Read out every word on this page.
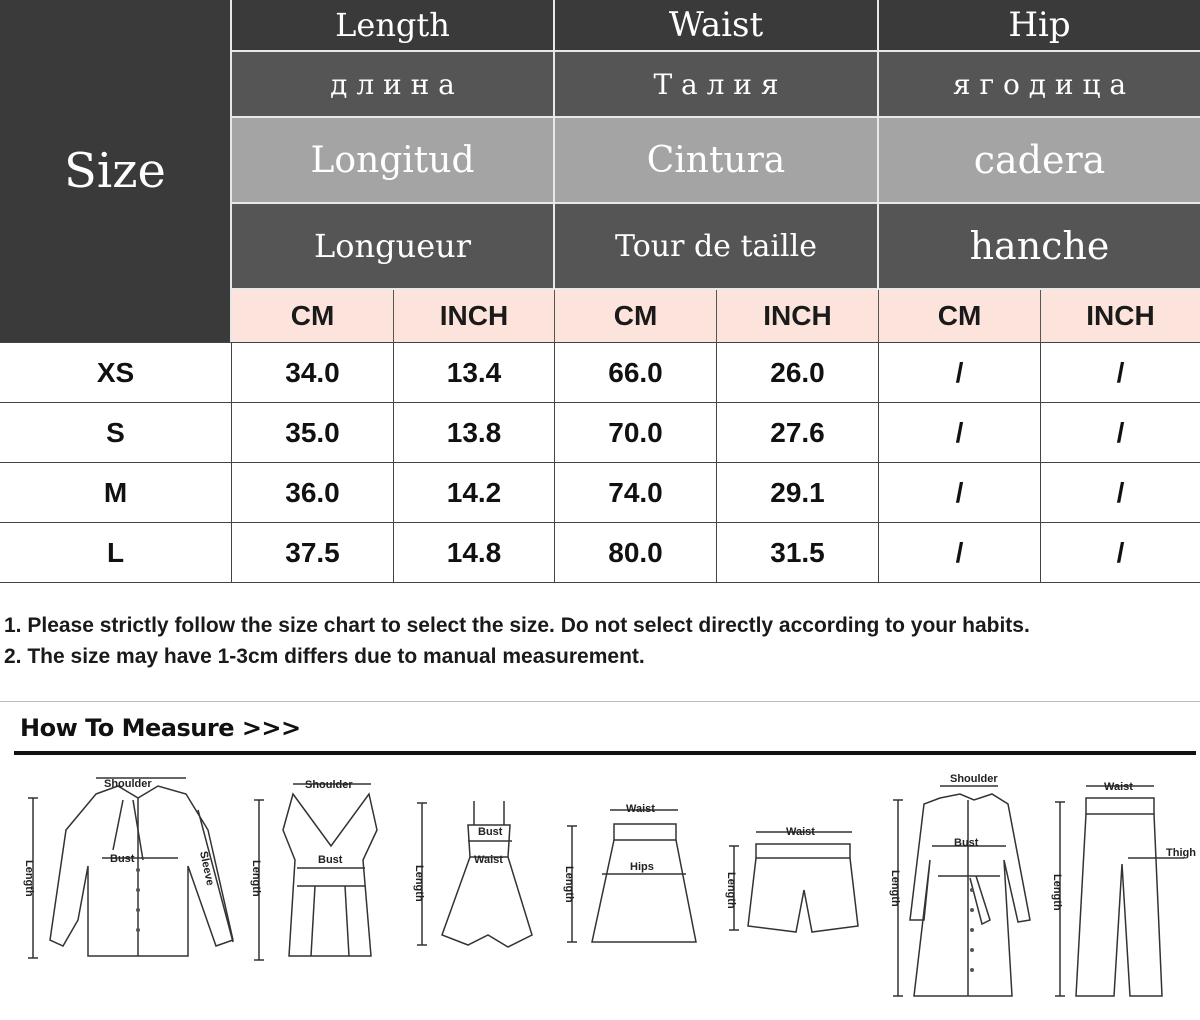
Size
Length
д л и н а
Longitud
Longueur
Waist
Т а л и я
Cintura
Tour de taille
Hip
я г о д и ц а
cadera
hanche
CM	INCH	CM	INCH	CM	INCH
XS	34.0	13.4	66.0	26.0	/	/
S	35.0	13.8	70.0	27.6	/	/
M	36.0	14.2	74.0	29.1	/	/
L	37.5	14.8	80.0	31.5	/	/
1. Please strictly follow the size chart to select the size. Do not select directly according to your habits.
2. The size may have 1-3cm differs due to manual measurement.
How To Measure >>>
Shoulder
Bust	Sleeve
Length
Shoulder
Bust
Length
Bust
Waist
Length
Waist
Hips
Length
Waist
Length
Shoulder
Bust
Length
Waist
Thigh
Length
